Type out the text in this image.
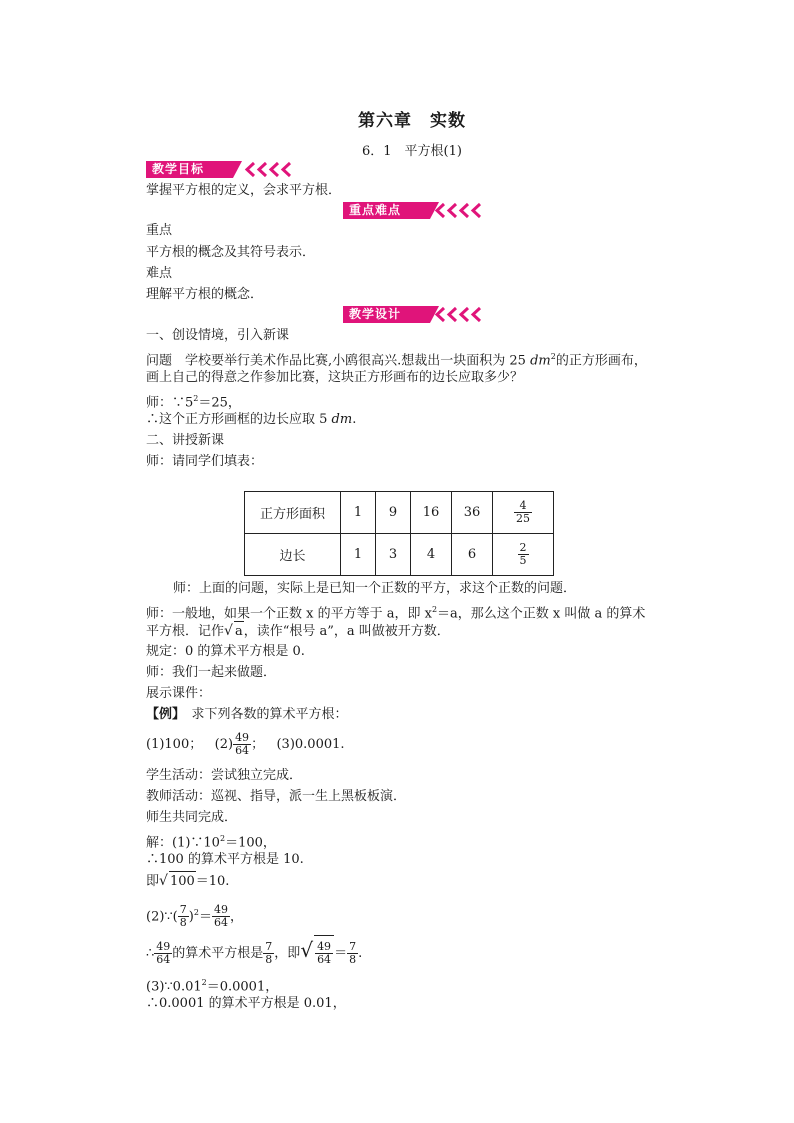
第六章　实数
6．1　平方根(1)
教学目标
掌握平方根的定义，会求平方根．
重点难点
重点
平方根的概念及其符号表示．
难点
理解平方根的概念．
教学设计
一、创设情境，引入新课
问题　学校要举行美术作品比赛,小鸥很高兴.想裁出一块面积为 25 $dm^2$的正方形画布，
画上自己的得意之作参加比赛，这块正方形画布的边长应取多少？
师：$\because 5^2=25$，
∴这个正方形画框的边长应取 5 dm.
二、讲授新课
师：请同学们填表：
正方形面积	1	9	16	36	$\frac{4}{25}$

边长	1	3	4	6	$\frac{2}{5}$
师：上面的问题，实际上是已知一个正数的平方，求这个正数的问题．
师：一般地，如果一个正数 x 的平方等于 a，即 $x^2=a$，那么这个正数 x 叫做 a 的算术
平方根．记作√ a，读作“根号 a”，a 叫做被开方数．
规定：0 的算术平方根是 0.
师：我们一起来做题．
展示课件：
【例】　求下列各数的算术平方根：
(1)100； $(2) \frac{49}{64}$ ； (3)0.0001.
学生活动：尝试独立完成．
教师活动：巡视、指导，派一生上黑板板演．
师生共同完成．
解：$(1)\because 10^2=100$，
∴100 的算术平方根是 10.
即√ 100＝10.
(2)∵( $\frac{7}{8} )^2= \frac{49}{64}$ ，
∴ $\frac{49}{64}$ 的算术平方根是 $\frac{7}{8}$ ，即√ $\frac{49}{64} = \frac{7}{8}$ .
$(3)\because 0.01^2=0.0001$，
∴0.0001 的算术平方根是 0.01，
